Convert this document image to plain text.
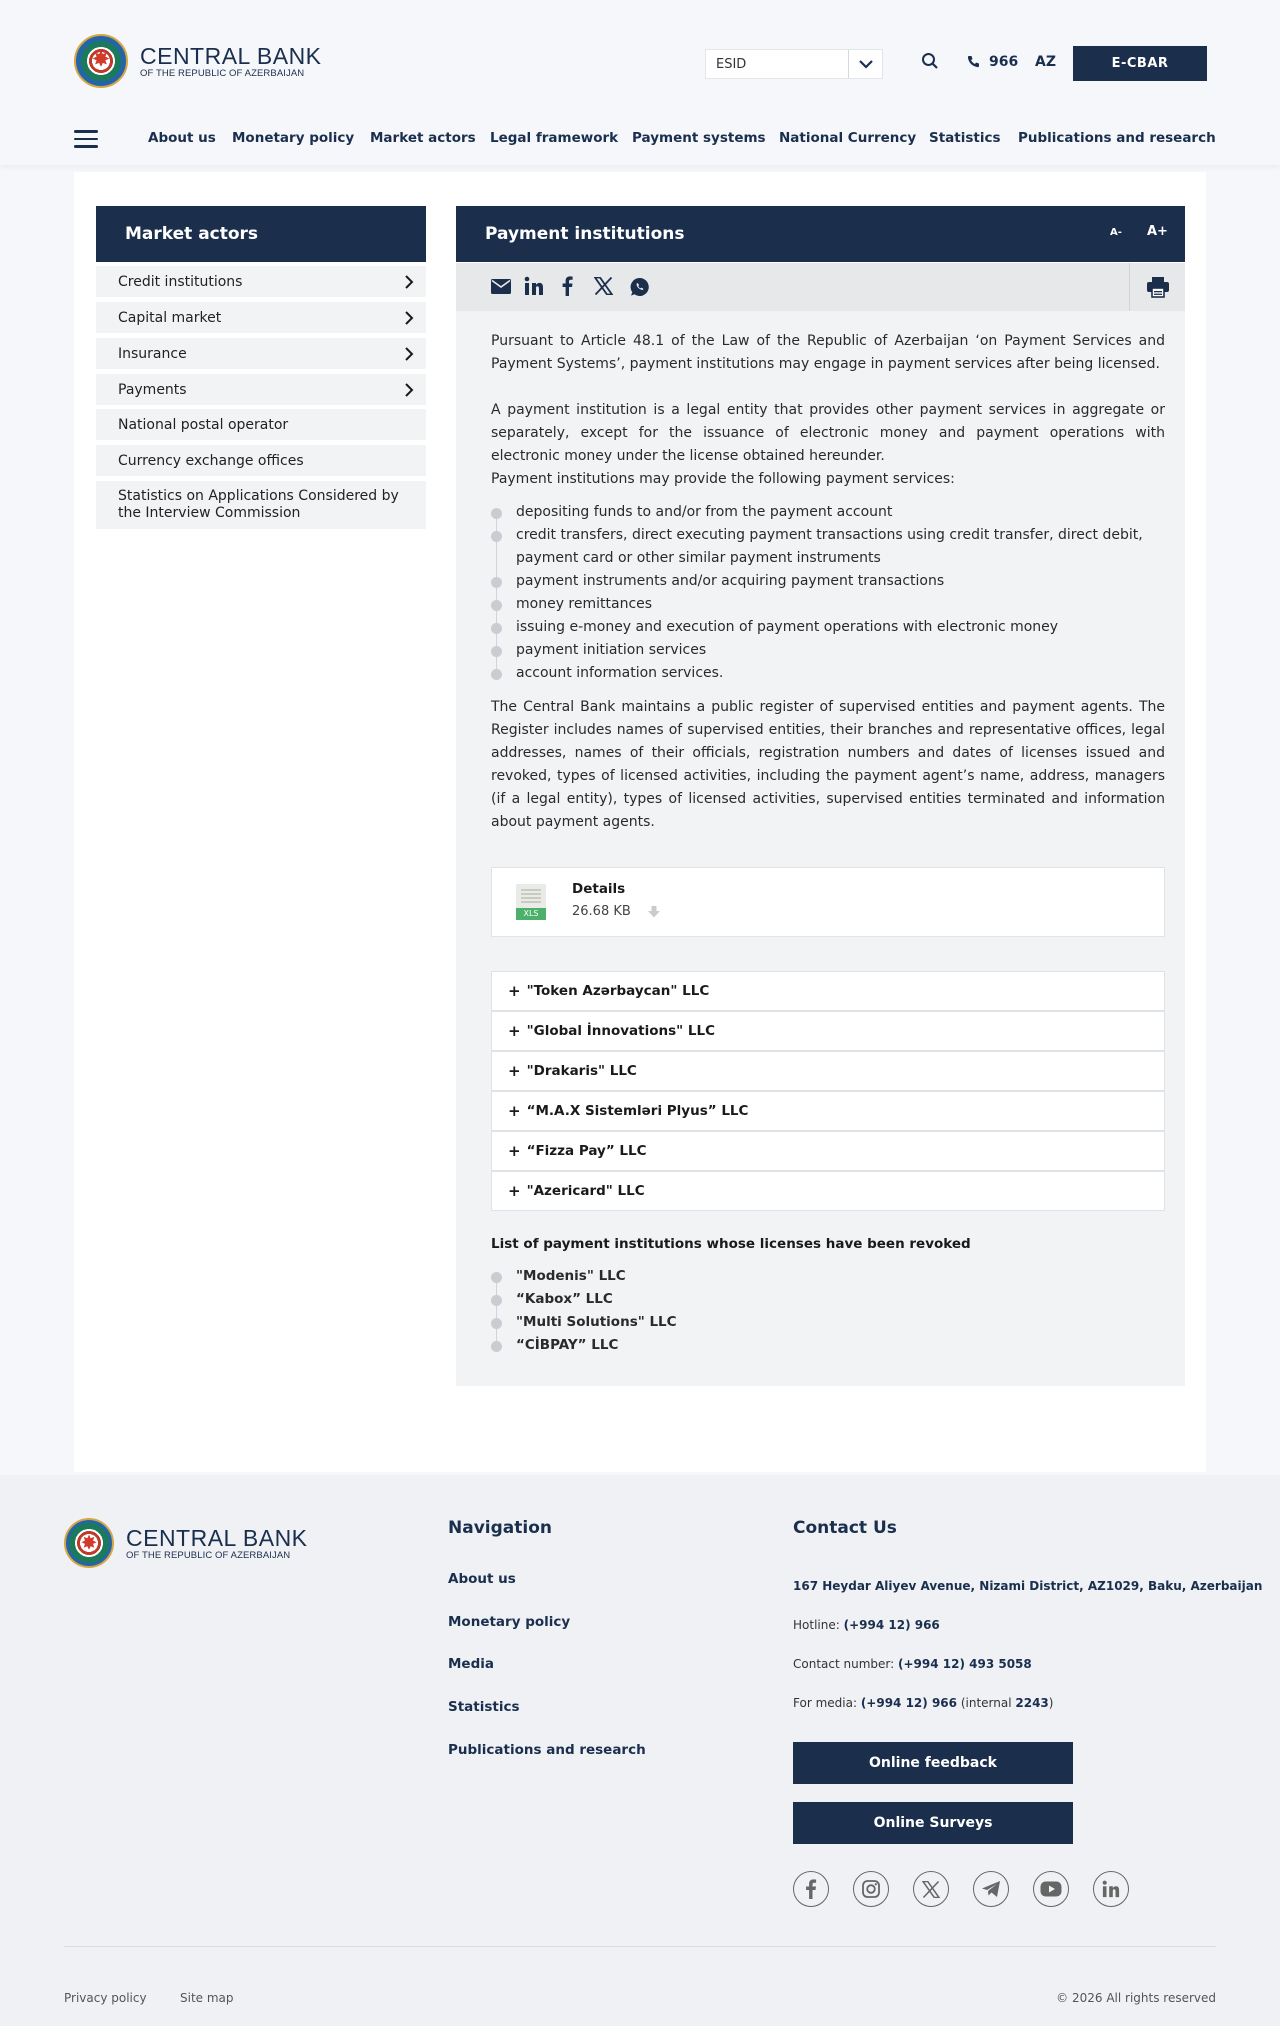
✸ CENTRAL BANK
OF THE REPUBLIC OF AZERBAIJAN
ESID	966 AZ	E-CBAR
About us Monetary policy Market actors Legal framework Payment systems National Currency Statistics Publications and research
Market actors
Credit institutions
Capital market
Insurance
Payments
National postal operator
Currency exchange offices
Statistics on Applications Considered by the Interview Commission
Payment institutions	A- A+

Pursuant to Article 48.1 of the Law of the Republic of Azerbaijan ‘on Payment Services and Payment Systems’, payment institutions may engage in payment services after being licensed.

A payment institution is a legal entity that provides other payment services in aggregate or separately, except for the issuance of electronic money and payment operations with electronic money under the license obtained hereunder.

Payment institutions may provide the following payment services:

depositing funds to and/or from the payment account
credit transfers, direct executing payment transactions using credit transfer, direct debit, payment card or other similar payment instruments
payment instruments and/or acquiring payment transactions
money remittances
issuing e-money and execution of payment operations with electronic money
payment initiation services
account information services.

The Central Bank maintains a public register of supervised entities and payment agents. The Register includes names of supervised entities, their branches and representative offices, legal addresses, names of their officials, registration numbers and dates of licenses issued and revoked, types of licensed activities, including the payment agent’s name, address, managers (if a legal entity), types of licensed activities, supervised entities terminated and information about payment agents.

XLS
Details
26.68 KB
+ "Token Azərbaycan" LLC
+ "Global İnnovations" LLC
+ "Drakaris" LLC
+ “M.A.X Sistemləri Plyus” LLC
+ “Fizza Pay” LLC
+ "Azericard" LLC
List of payment institutions whose licenses have been revoked
"Modenis" LLC
“Kabox” LLC
"Multi Solutions" LLC
“CİBPAY” LLC
✸ CENTRAL BANK
OF THE REPUBLIC OF AZERBAIJAN
Navigation
About us
Monetary policy
Media
Statistics
Publications and research
Contact Us
167 Heydar Aliyev Avenue, Nizami District, AZ1029, Baku, Azerbaijan
Hotline: (+994 12) 966
Contact number: (+994 12) 493 5058
For media: (+994 12) 966 (internal 2243)
Online feedback
Online Surveys
Privacy policy	Site map	© 2026 All rights reserved
